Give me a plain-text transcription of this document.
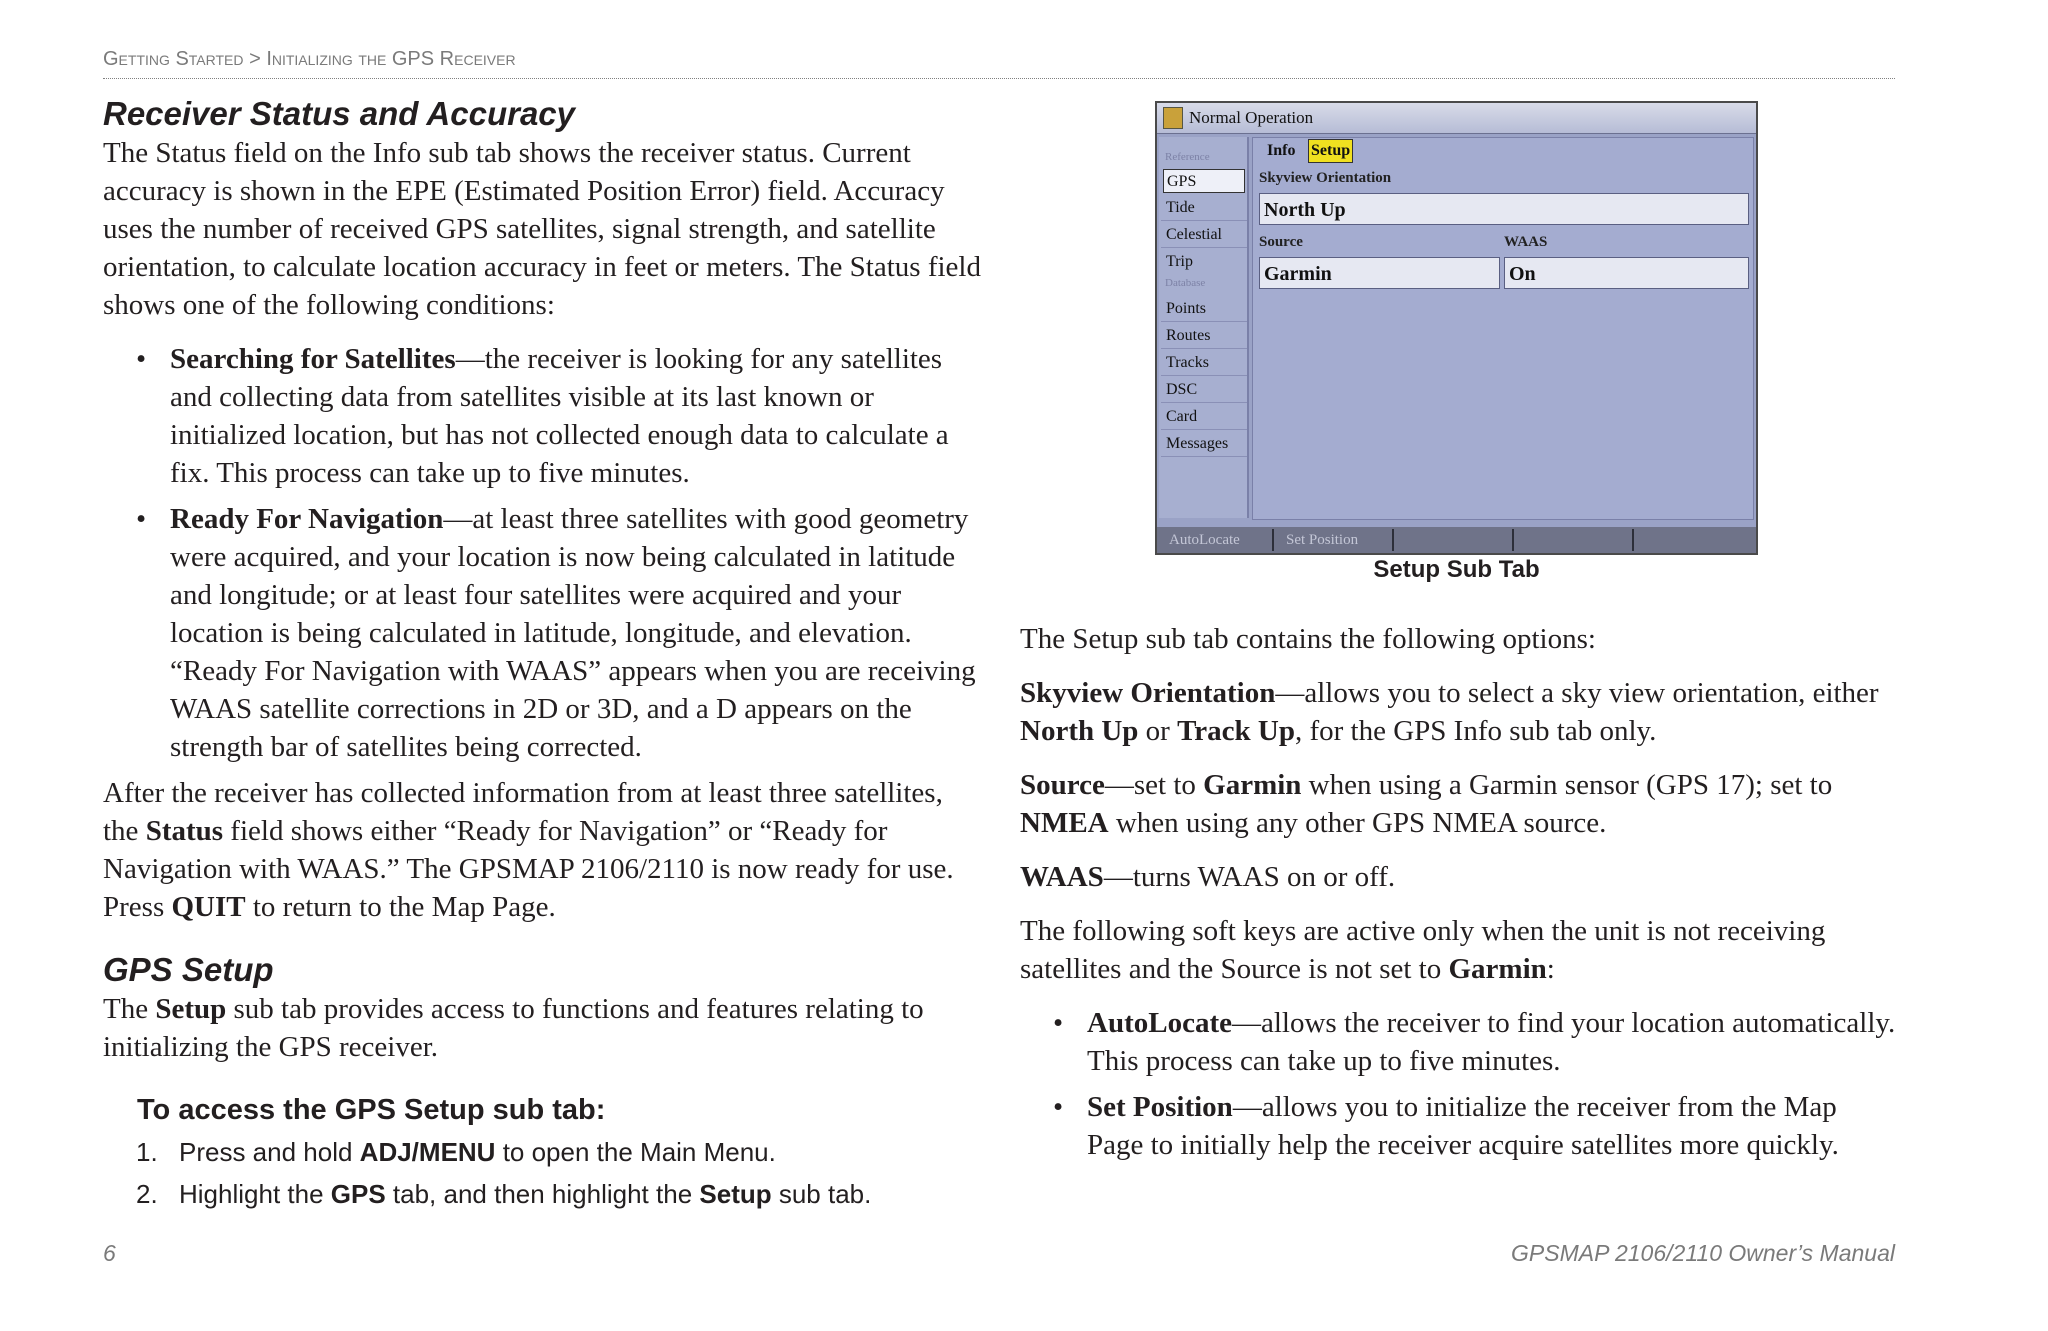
Getting Started > Initializing the GPS Receiver
Receiver Status and Accuracy

The Status field on the Info sub tab shows the receiver status. Current accuracy is shown in the EPE (Estimated Position Error) field. Accuracy uses the number of received GPS satellites, signal strength, and satellite orientation, to calculate location accuracy in feet or meters. The Status field shows one of the following conditions:

• Searching for Satellites—the receiver is looking for any satellites and collecting data from satellites visible at its last known or initialized location, but has not collected enough data to calculate a fix. This process can take up to five minutes.
• Ready For Navigation—at least three satellites with good geometry were acquired, and your location is now being calculated in latitude and longitude; or at least four satellites were acquired and your location is being calculated in latitude, longitude, and elevation. “Ready For Navigation with WAAS” appears when you are receiving WAAS satellite corrections in 2D or 3D, and a D appears on the strength bar of satellites being corrected.

After the receiver has collected information from at least three satellites, the Status field shows either “Ready for Navigation” or “Ready for Navigation with WAAS.” The GPSMAP 2106/2110 is now ready for use. Press QUIT to return to the Map Page.

GPS Setup

The Setup sub tab provides access to functions and features relating to initializing the GPS receiver.

To access the GPS Setup sub tab:
1. Press and hold ADJ/MENU to open the Main Menu.
2. Highlight the GPS tab, and then highlight the Setup sub tab.
Normal Operation
Reference
GPS
Tide
Celestial
Trip
Database
Points
Routes
Tracks
DSC
Card
Messages
Info Setup
Skyview Orientation
North Up
Source	WAAS
Garmin	On
AutoLocate	Set Position
Setup Sub Tab

The Setup sub tab contains the following options:

Skyview Orientation—allows you to select a sky view orientation, either North Up or Track Up, for the GPS Info sub tab only.

Source—set to Garmin when using a Garmin sensor (GPS 17); set to NMEA when using any other GPS NMEA source.

WAAS—turns WAAS on or off.

The following soft keys are active only when the unit is not receiving satellites and the Source is not set to Garmin:

• AutoLocate—allows the receiver to find your location automatically. This process can take up to five minutes.
• Set Position—allows you to initialize the receiver from the Map Page to initially help the receiver acquire satellites more quickly.
6	GPSMAP 2106/2110 Owner’s Manual
